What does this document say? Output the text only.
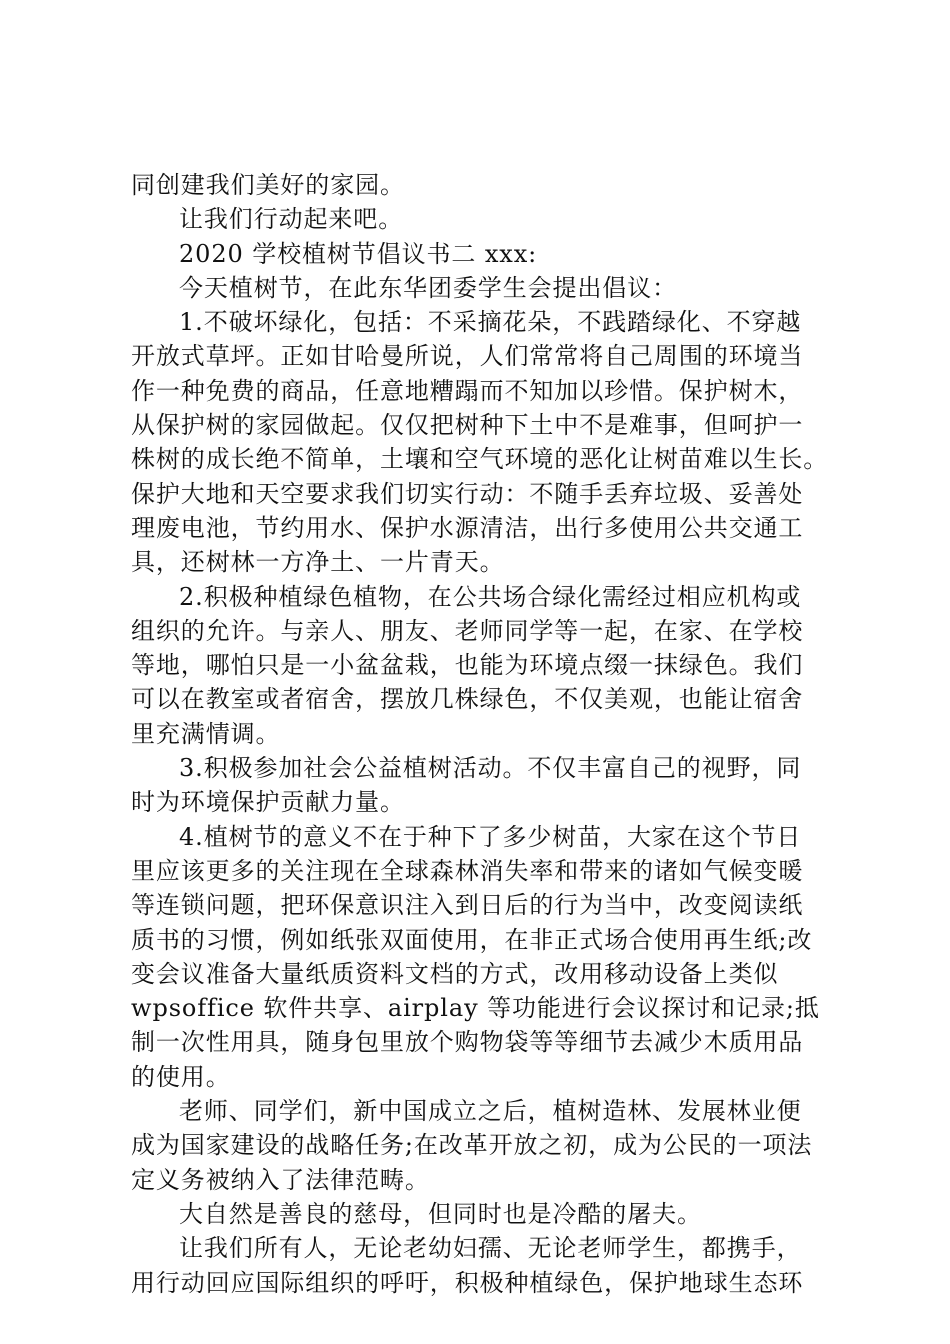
同创建我们美好的家园。
让我们行动起来吧。
2020 学校植树节倡议书二 xxx:
今天植树节，在此东华团委学生会提出倡议：
1.不破坏绿化，包括：不采摘花朵，不践踏绿化、不穿越
开放式草坪。正如甘哈曼所说，人们常常将自己周围的环境当
作一种免费的商品，任意地糟蹋而不知加以珍惜。保护树木，
从保护树的家园做起。仅仅把树种下土中不是难事，但呵护一
株树的成长绝不简单，土壤和空气环境的恶化让树苗难以生长。
保护大地和天空要求我们切实行动：不随手丢弃垃圾、妥善处
理废电池，节约用水、保护水源清洁，出行多使用公共交通工
具，还树林一方净土、一片青天。
2.积极种植绿色植物，在公共场合绿化需经过相应机构或
组织的允许。与亲人、朋友、老师同学等一起，在家、在学校
等地，哪怕只是一小盆盆栽，也能为环境点缀一抹绿色。我们
可以在教室或者宿舍，摆放几株绿色，不仅美观，也能让宿舍
里充满情调。
3.积极参加社会公益植树活动。不仅丰富自己的视野，同
时为环境保护贡献力量。
4.植树节的意义不在于种下了多少树苗，大家在这个节日
里应该更多的关注现在全球森林消失率和带来的诸如气候变暖
等连锁问题，把环保意识注入到日后的行为当中，改变阅读纸
质书的习惯，例如纸张双面使用，在非正式场合使用再生纸;改
变会议准备大量纸质资料文档的方式，改用移动设备上类似
wpsoffice 软件共享、airplay 等功能进行会议探讨和记录;抵
制一次性用具，随身包里放个购物袋等等细节去减少木质用品
的使用。
老师、同学们，新中国成立之后，植树造林、发展林业便
成为国家建设的战略任务;在改革开放之初，成为公民的一项法
定义务被纳入了法律范畴。
大自然是善良的慈母，但同时也是冷酷的屠夫。
让我们所有人，无论老幼妇孺、无论老师学生，都携手，
用行动回应国际组织的呼吁，积极种植绿色，保护地球生态环
